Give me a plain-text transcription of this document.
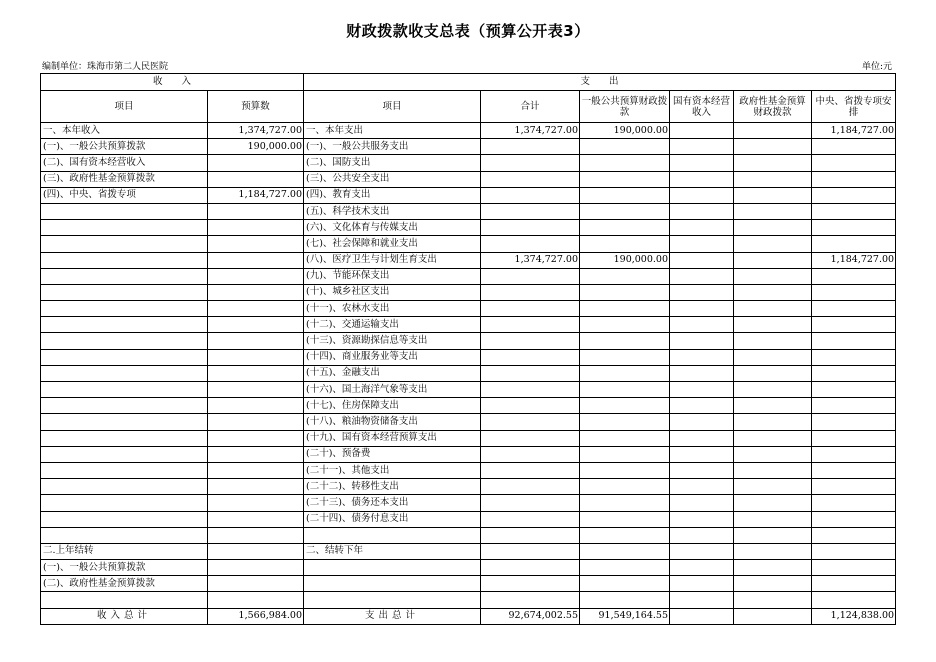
财政拨款收支总表（预算公开表3）
编制单位：珠海市第二人民医院	单位:元
收　　入		支　　出					
项目	预算数	项目	合计	一般公共预算财政拨款	国有资本经营收入	政府性基金预算财政拨款	中央、省拨专项安排
一、本年收入	1,374,727.00	一、本年支出	1,374,727.00	190,000.00			1,184,727.00
(一)、一般公共预算拨款	190,000.00	(一)、一般公共服务支出					
(二)、国有资本经营收入		(二)、国防支出					
(三)、政府性基金预算拨款		(三)、公共安全支出					
(四)、中央、省拨专项	1,184,727.00	(四)、教育支出					
		(五)、科学技术支出					
		(六)、文化体育与传媒支出					
		(七)、社会保障和就业支出					
		(八)、医疗卫生与计划生育支出	1,374,727.00	190,000.00			1,184,727.00
		(九)、节能环保支出					
		(十)、城乡社区支出					
		(十一)、农林水支出					
		(十二)、交通运输支出					
		(十三)、资源勘探信息等支出					
		(十四)、商业服务业等支出					
		(十五)、金融支出					
		(十六)、国土海洋气象等支出					
		(十七)、住房保障支出					
		(十八)、粮油物资储备支出					
		(十九)、国有资本经营预算支出					
		(二十)、预备费					
		(二十一)、其他支出					
		(二十二)、转移性支出					
		(二十三)、债务还本支出					
		(二十四)、债务付息支出					

二.上年结转		二、结转下年					
(一)、一般公共预算拨款							
(二)、政府性基金预算拨款							

收入总计	1,566,984.00	支出总计	92,674,002.55	91,549,164.55			1,124,838.00
